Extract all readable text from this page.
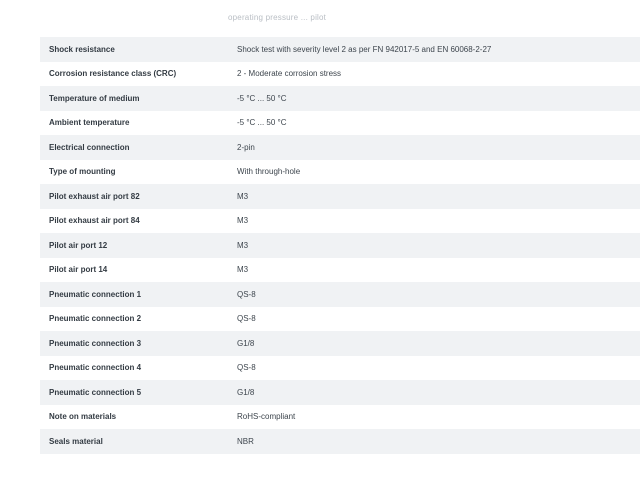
operating pressure ... pilot
Shock resistance	Shock test with severity level 2 as per FN 942017-5 and EN 60068-2-27
Corrosion resistance class (CRC)	2 - Moderate corrosion stress
Temperature of medium	-5 °C ... 50 °C
Ambient temperature	-5 °C ... 50 °C
Electrical connection	2-pin
Type of mounting	With through-hole
Pilot exhaust air port 82	M3
Pilot exhaust air port 84	M3
Pilot air port 12	M3
Pilot air port 14	M3
Pneumatic connection 1	QS-8
Pneumatic connection 2	QS-8
Pneumatic connection 3	G1/8
Pneumatic connection 4	QS-8
Pneumatic connection 5	G1/8
Note on materials	RoHS-compliant
Seals material	NBR
